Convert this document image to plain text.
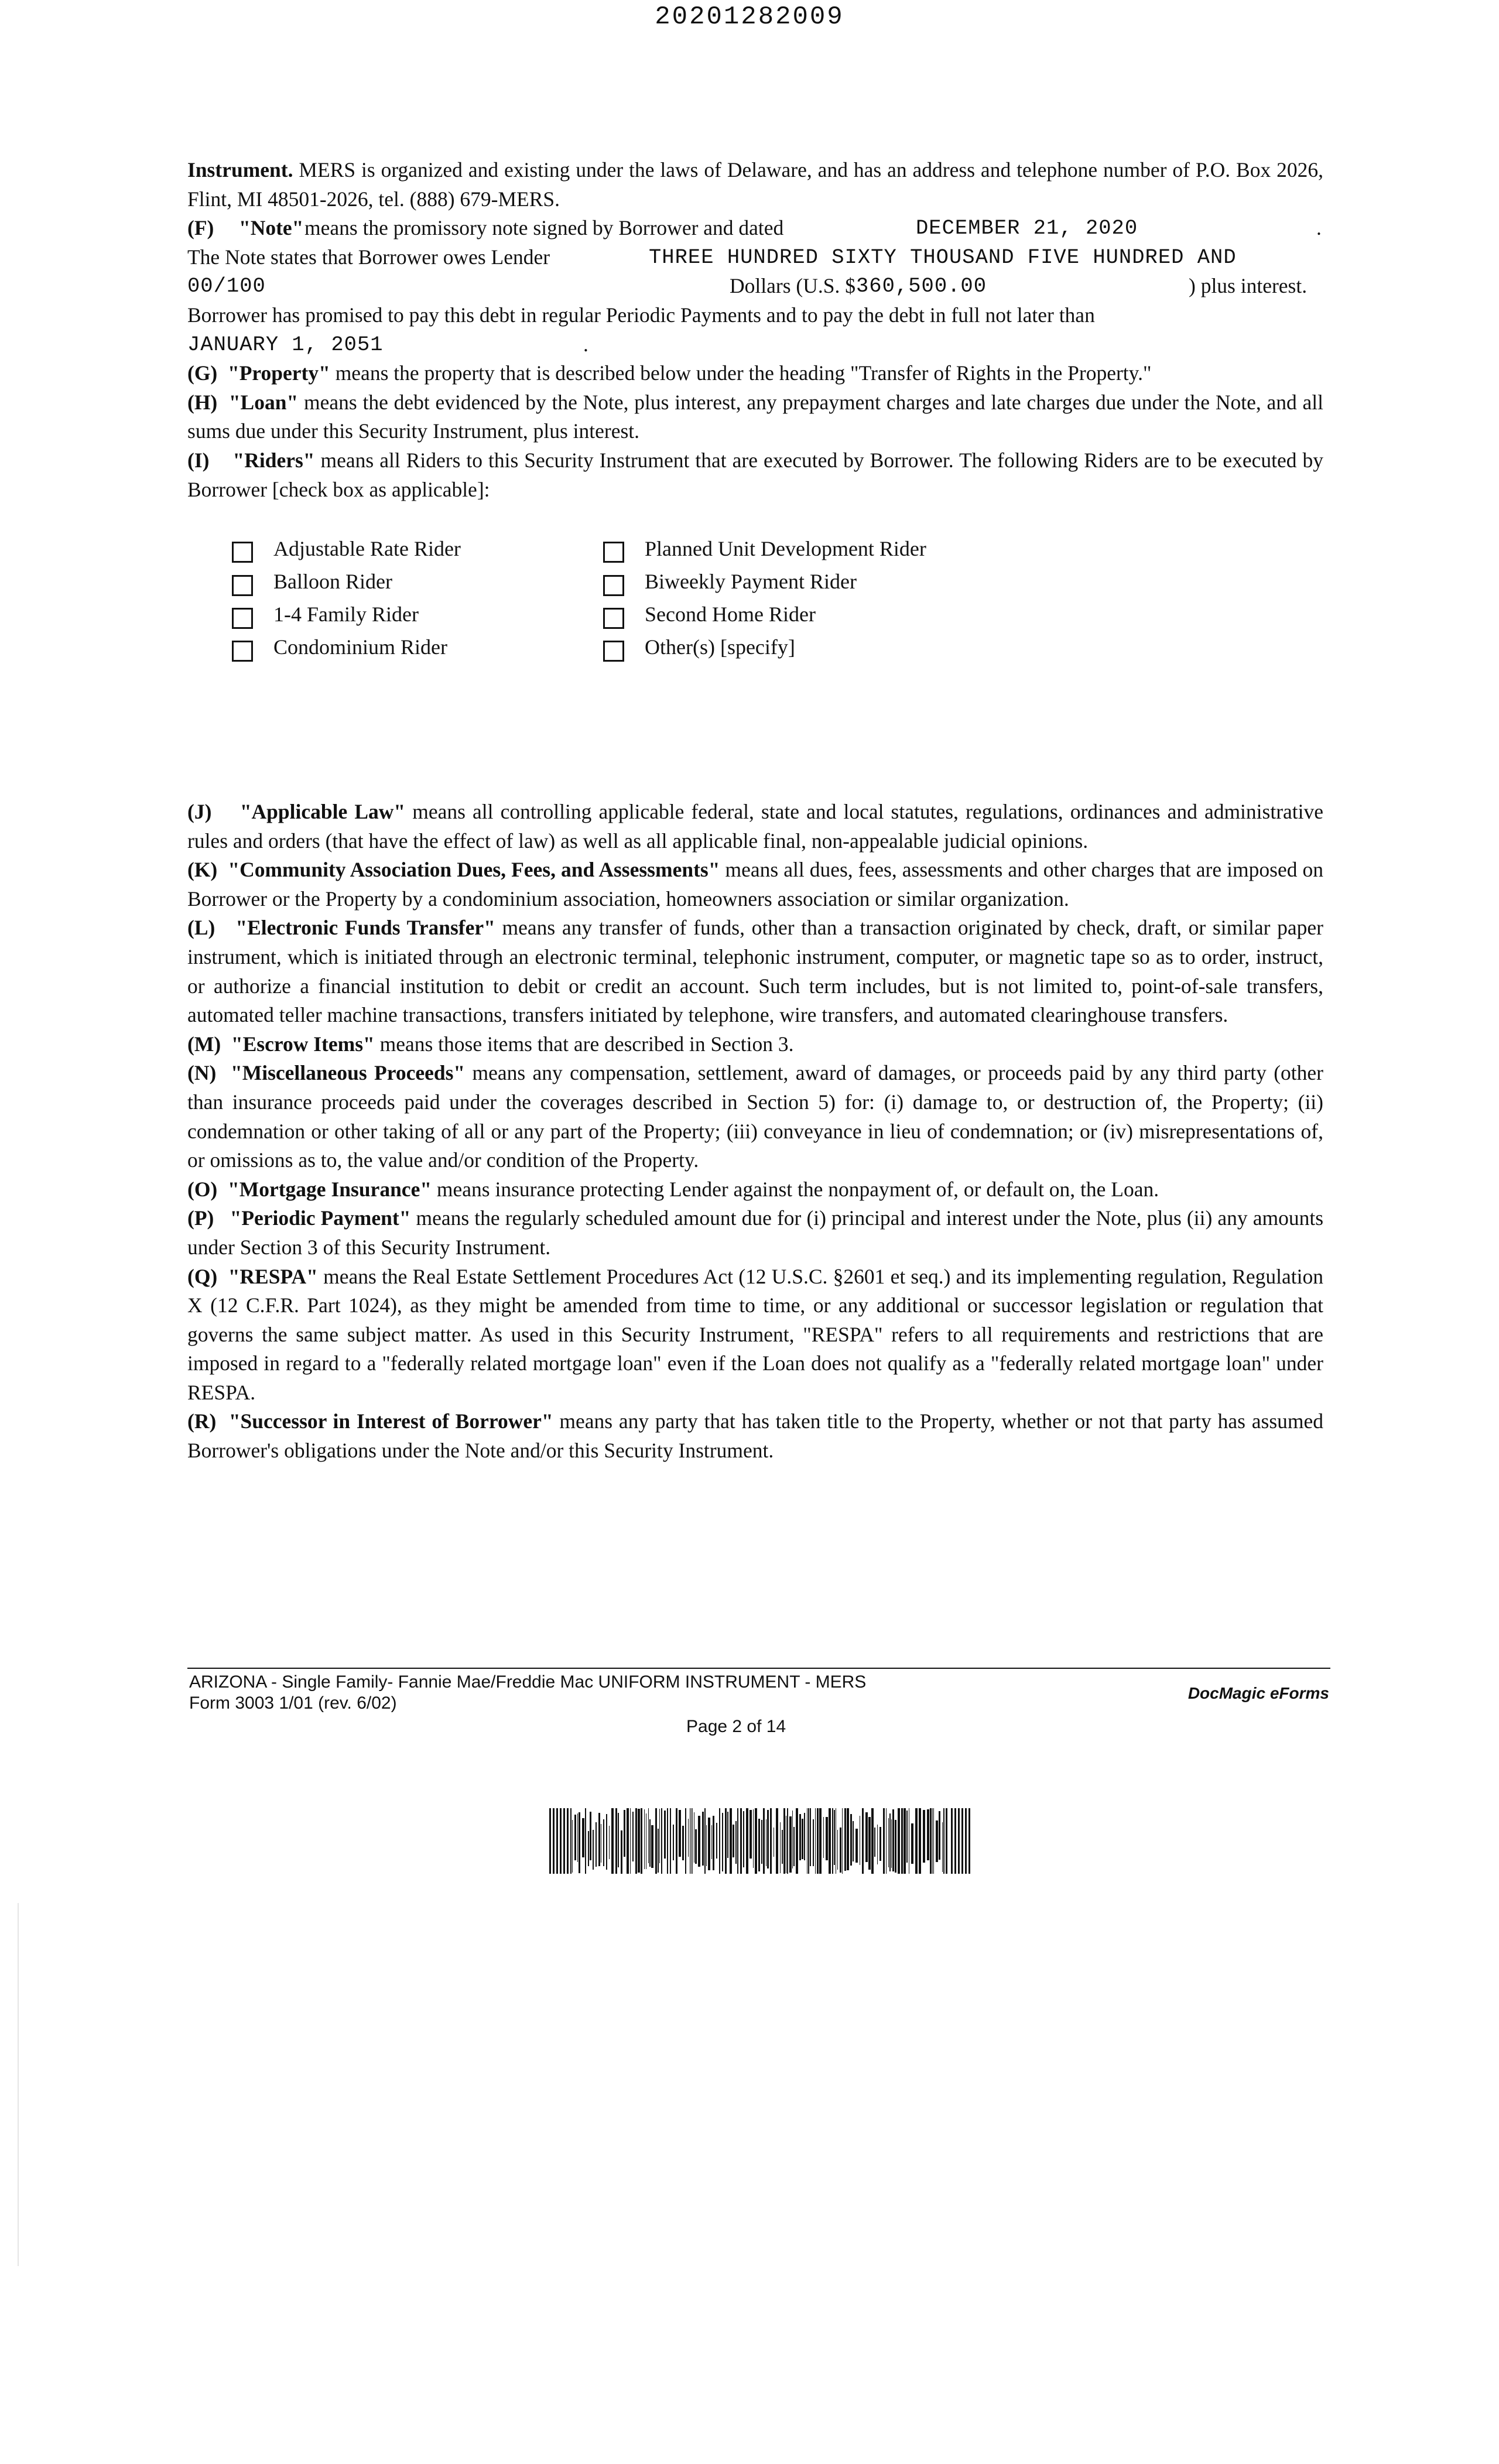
20201282009

Instrument. MERS is organized and existing under the laws of Delaware, and has an address and telephone number of P.O. Box 2026, Flint, MI 48501-2026, tel. (888) 679-MERS.

(F) "Note" means the promissory note signed by Borrower and dated	DECEMBER 21, 2020	.
The Note states that Borrower owes Lender	THREE HUNDRED SIXTY THOUSAND FIVE HUNDRED AND
00/100	Dollars (U.S. $ 360,500.00	) plus interest.
Borrower has promised to pay this debt in regular Periodic Payments and to pay the debt in full not later than
JANUARY 1, 2051	.

(G) "Property" means the property that is described below under the heading "Transfer of Rights in the Property."

(H) "Loan" means the debt evidenced by the Note, plus interest, any prepayment charges and late charges due under the Note, and all sums due under this Security Instrument, plus interest.

(I) "Riders" means all Riders to this Security Instrument that are executed by Borrower. The following Riders are to be executed by Borrower [check box as applicable]:

Adjustable Rate Rider
Balloon Rider
1-4 Family Rider
Condominium Rider
Planned Unit Development Rider
Biweekly Payment Rider
Second Home Rider
Other(s) [specify]

(J) "Applicable Law" means all controlling applicable federal, state and local statutes, regulations, ordinances and administrative rules and orders (that have the effect of law) as well as all applicable final, non-appealable judicial opinions.

(K) "Community Association Dues, Fees, and Assessments" means all dues, fees, assessments and other charges that are imposed on Borrower or the Property by a condominium association, homeowners association or similar organization.

(L) "Electronic Funds Transfer" means any transfer of funds, other than a transaction originated by check, draft, or similar paper instrument, which is initiated through an electronic terminal, telephonic instrument, computer, or magnetic tape so as to order, instruct, or authorize a financial institution to debit or credit an account. Such term includes, but is not limited to, point-of-sale transfers, automated teller machine transactions, transfers initiated by telephone, wire transfers, and automated clearinghouse transfers.

(M) "Escrow Items" means those items that are described in Section 3.

(N) "Miscellaneous Proceeds" means any compensation, settlement, award of damages, or proceeds paid by any third party (other than insurance proceeds paid under the coverages described in Section 5) for: (i) damage to, or destruction of, the Property; (ii) condemnation or other taking of all or any part of the Property; (iii) conveyance in lieu of condemnation; or (iv) misrepresentations of, or omissions as to, the value and/or condition of the Property.

(O) "Mortgage Insurance" means insurance protecting Lender against the nonpayment of, or default on, the Loan.

(P) "Periodic Payment" means the regularly scheduled amount due for (i) principal and interest under the Note, plus (ii) any amounts under Section 3 of this Security Instrument.

(Q) "RESPA" means the Real Estate Settlement Procedures Act (12 U.S.C. §2601 et seq.) and its implementing regulation, Regulation X (12 C.F.R. Part 1024), as they might be amended from time to time, or any additional or successor legislation or regulation that governs the same subject matter. As used in this Security Instrument, "RESPA" refers to all requirements and restrictions that are imposed in regard to a "federally related mortgage loan" even if the Loan does not qualify as a "federally related mortgage loan" under RESPA.

(R) "Successor in Interest of Borrower" means any party that has taken title to the Property, whether or not that party has assumed Borrower's obligations under the Note and/or this Security Instrument.

ARIZONA - Single Family- Fannie Mae/Freddie Mac UNIFORM INSTRUMENT - MERS
Form 3003 1/01 (rev. 6/02)
DocMagic eForms
Page 2 of 14
